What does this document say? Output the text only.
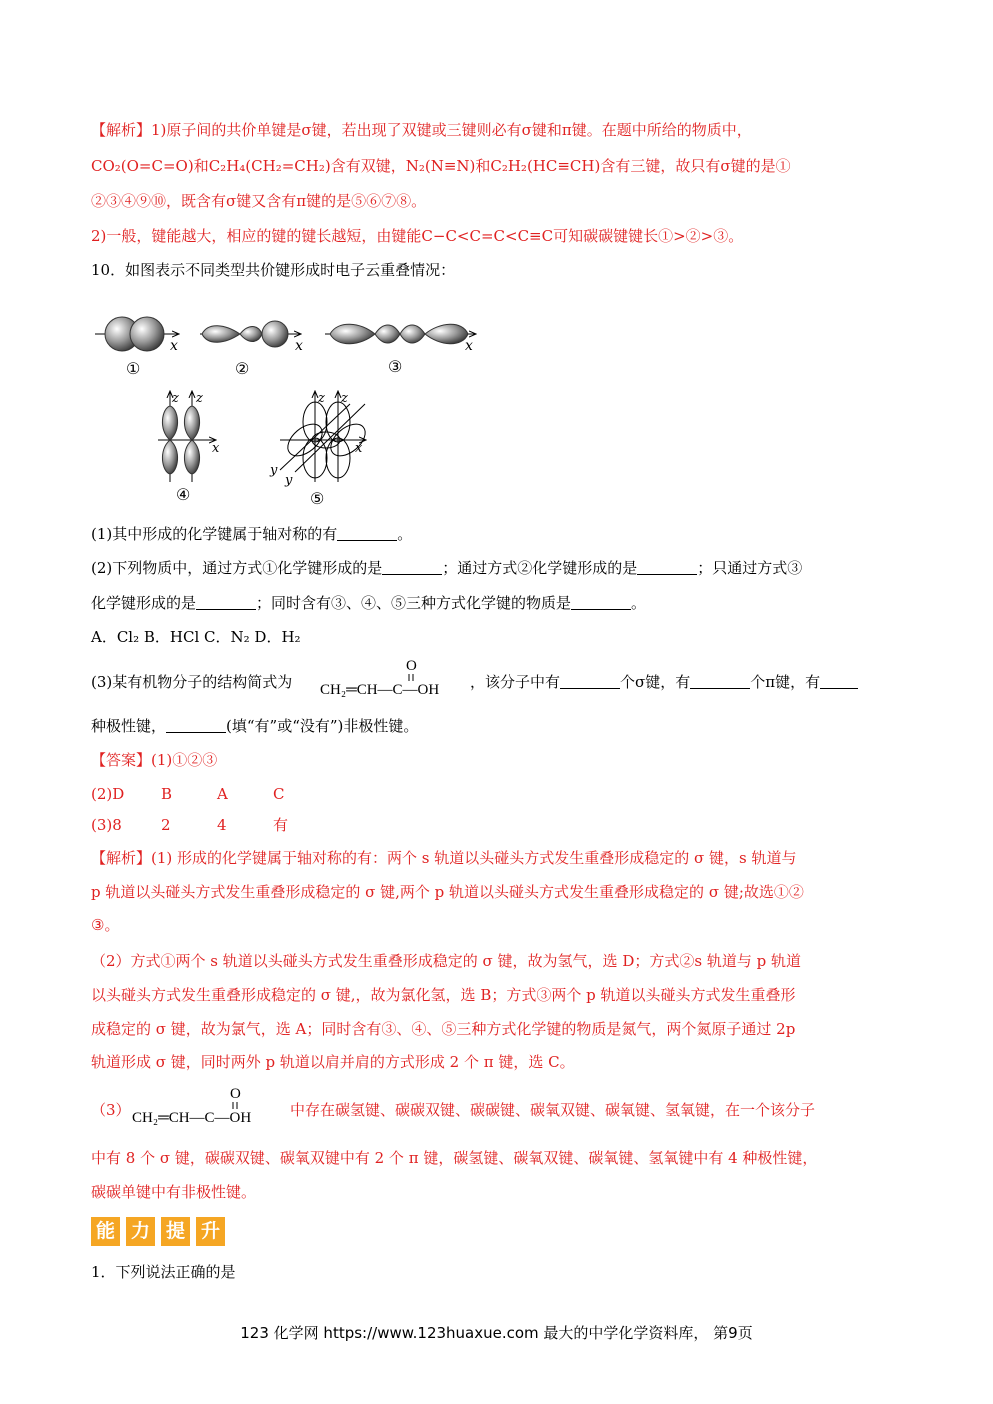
【解析】1)原子间的共价单键是σ键，若出现了双键或三键则必有σ键和π键。在题中所给的物质中，
CO₂(O=C=O)和C₂H₄(CH₂=CH₂)含有双键，N₂(N≡N)和C₂H₂(HC≡CH)含有三键，故只有σ键的是①
②③④⑨⑩，既含有σ键又含有π键的是⑤⑥⑦⑧。
2)一般，键能越大，相应的键的键长越短，由键能C−C<C=C<C≡C可知碳碳键键长①>②>③。
10．如图表示不同类型共价键形成时电子云重叠情况：
x
①
x
②
x
③
z z
x
④
z z
x
y
y
⑤
(1)其中形成的化学键属于轴对称的有	。
(2)下列物质中，通过方式①化学键形成的是	；通过方式②化学键形成的是	；只通过方式③
化学键形成的是	；同时含有③、④、⑤三种方式化学键的物质是	。
A．Cl₂ B．HCl C．N₂ D．H₂
(3)某有机物分子的结构简式为
O
CH₂═CH—C—OH ，该分子中有	个σ键，有	个π键，有
种极性键，	(填“有”或“没有”)非极性键。
【答案】(1)①②③
(2)D B	A	C
(3)8	2	4	有
【解析】(1) 形成的化学键属于轴对称的有：两个 s 轨道以头碰头方式发生重叠形成稳定的 σ 键，s 轨道与
p 轨道以头碰头方式发生重叠形成稳定的 σ 键,两个 p 轨道以头碰头方式发生重叠形成稳定的 σ 键;故选①②
③。
（2）方式①两个 s 轨道以头碰头方式发生重叠形成稳定的 σ 键，故为氢气，选 D；方式②s 轨道与 p 轨道
以头碰头方式发生重叠形成稳定的 σ 键,，故为氯化氢，选 B；方式③两个 p 轨道以头碰头方式发生重叠形
成稳定的 σ 键，故为氯气，选 A；同时含有③、④、⑤三种方式化学键的物质是氮气，两个氮原子通过 2p
轨道形成 σ 键，同时两外 p 轨道以肩并肩的方式形成 2 个 π 键，选 C。
（3）
O
CH₂═CH—C—OH	中存在碳氢键、碳碳双键、碳碳键、碳氧双键、碳氧键、氢氧键，在一个该分子
中有 8 个 σ 键，碳碳双键、碳氧双键中有 2 个 π 键，碳氢键、碳氧双键、碳氧键、氢氧键中有 4 种极性键，
碳碳单键中有非极性键。
能 力 提 升
1．下列说法正确的是
123 化学网 https://www.123huaxue.com 最大的中学化学资料库， 第9页
